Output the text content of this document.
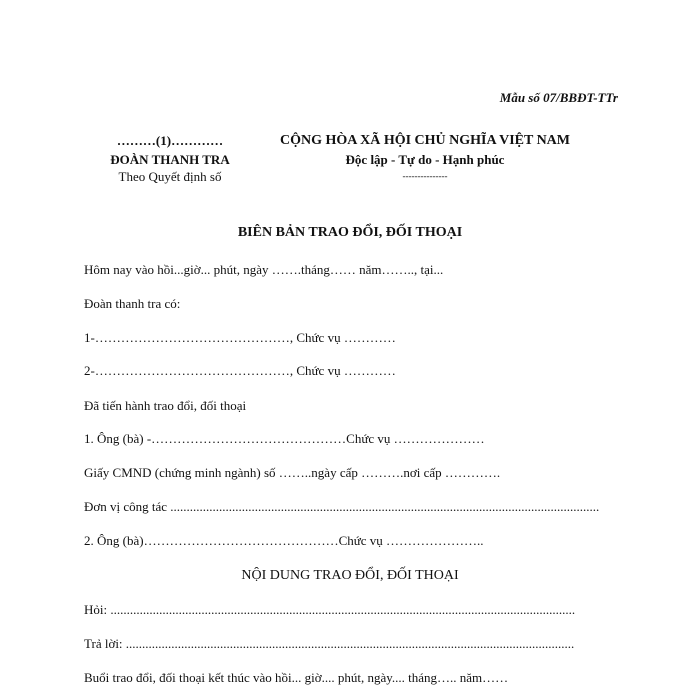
Mẫu số 07/BBĐT-TTr
………(1)…………
ĐOÀN THANH TRA
Theo Quyết định số
CỘNG HÒA XÃ HỘI CHỦ NGHĨA VIỆT NAM
Độc lập - Tự do - Hạnh phúc
---------------
BIÊN BẢN TRAO ĐỔI, ĐỐI THOẠI
Hôm nay vào hồi...giờ... phút, ngày …….tháng…… năm…….., tại...
Đoàn thanh tra có:
1-………………………………………, Chức vụ …………
2-………………………………………, Chức vụ …………
Đã tiến hành trao đổi, đối thoại
1. Ông (bà) -………………………………………Chức vụ …………………
Giấy CMND (chứng minh ngành) số ……..ngày cấp ……….nơi cấp ………….
Đơn vị công tác ....................................................................................................................................
2. Ông (bà)………………………………………Chức vụ …………………..
NỘI DUNG TRAO ĐỔI, ĐỐI THOẠI
Hỏi: ...............................................................................................................................................
Trả lời: ..........................................................................................................................................
Buổi trao đổi, đối thoại kết thúc vào hồi... giờ.... phút, ngày.... tháng….. năm……
